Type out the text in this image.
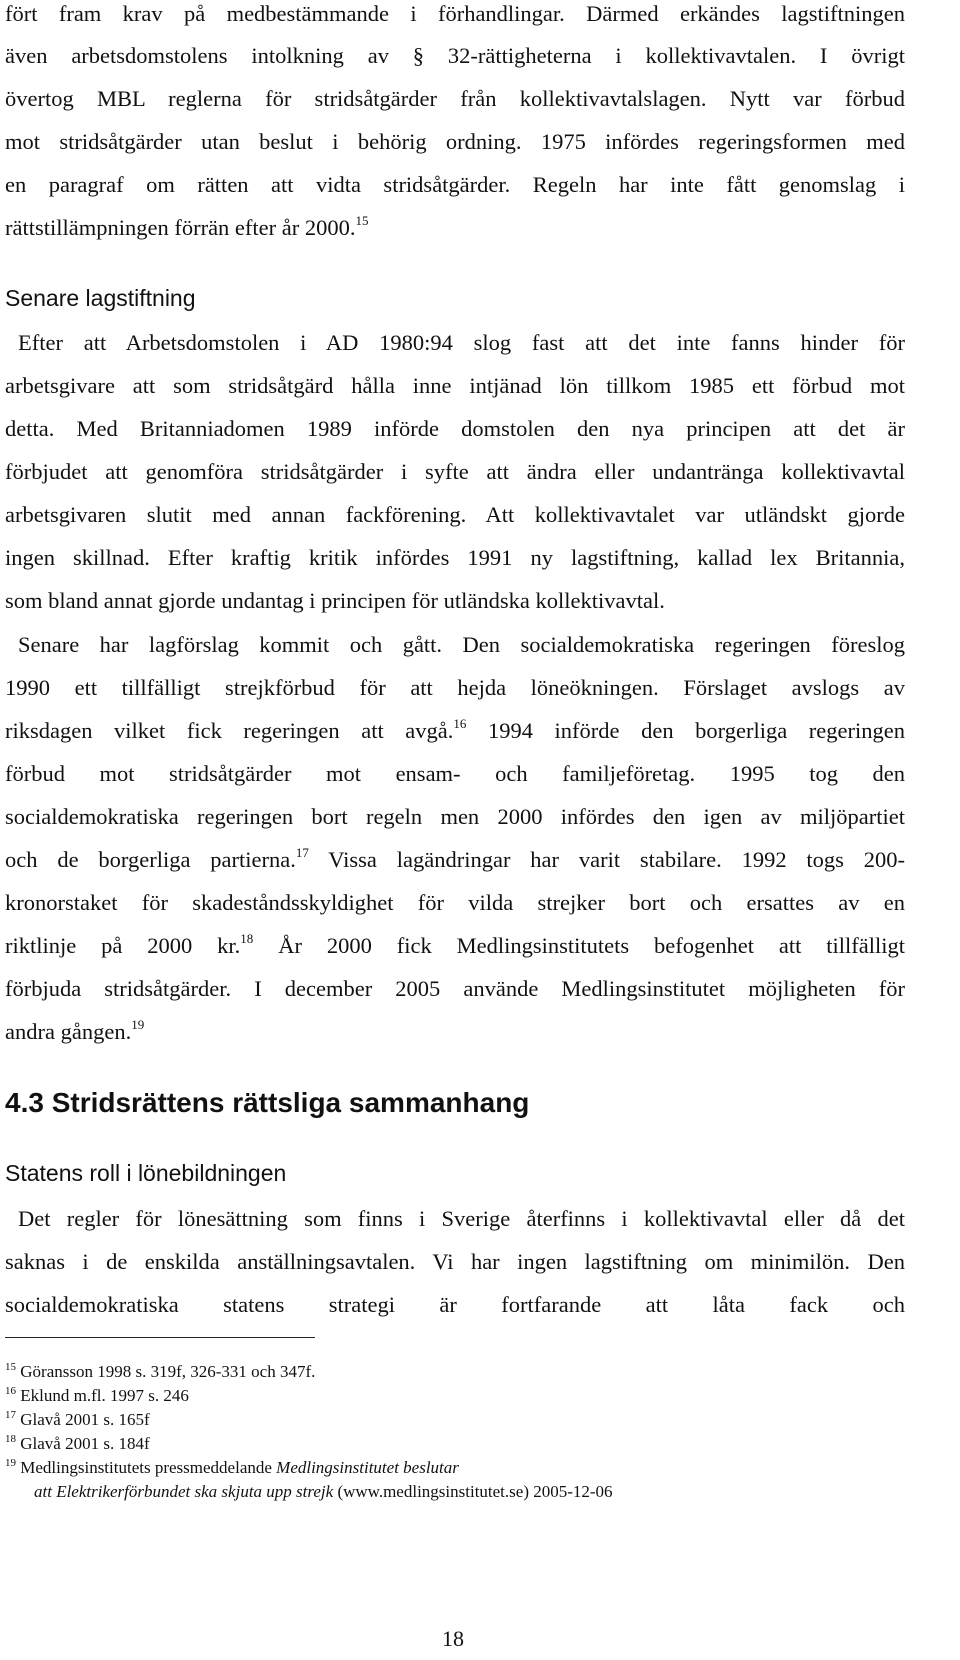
fört fram krav på medbestämmande i förhandlingar. Därmed erkändes lagstiftningen
även arbetsdomstolens intolkning av § 32-rättigheterna i kollektivavtalen. I övrigt
övertog MBL reglerna för stridsåtgärder från kollektivavtalslagen. Nytt var förbud
mot stridsåtgärder utan beslut i behörig ordning. 1975 infördes regeringsformen med
en paragraf om rätten att vidta stridsåtgärder. Regeln har inte fått genomslag i
rättstillämpningen förrän efter år 2000.15
Senare lagstiftning
Efter att Arbetsdomstolen i AD 1980:94 slog fast att det inte fanns hinder för
arbetsgivare att som stridsåtgärd hålla inne intjänad lön tillkom 1985 ett förbud mot
detta. Med Britanniadomen 1989 införde domstolen den nya principen att det är
förbjudet att genomföra stridsåtgärder i syfte att ändra eller undantränga kollektivavtal
arbetsgivaren slutit med annan fackförening. Att kollektivavtalet var utländskt gjorde
ingen skillnad. Efter kraftig kritik infördes 1991 ny lagstiftning, kallad lex Britannia,
som bland annat gjorde undantag i principen för utländska kollektivavtal.
Senare har lagförslag kommit och gått. Den socialdemokratiska regeringen föreslog
1990 ett tillfälligt strejkförbud för att hejda löneökningen. Förslaget avslogs av
riksdagen vilket fick regeringen att avgå.$^{16}$ 1994 införde den borgerliga regeringen
förbud mot stridsåtgärder mot ensam- och familjeföretag. 1995 tog den
socialdemokratiska regeringen bort regeln men 2000 infördes den igen av miljöpartiet
och de borgerliga partierna.$^{17}$ Vissa lagändringar har varit stabilare. 1992 togs 200-
kronorstaket för skadeståndsskyldighet för vilda strejker bort och ersattes av en
riktlinje på 2000 kr.$^{18}$ År 2000 fick Medlingsinstitutets befogenhet att tillfälligt
förbjuda stridsåtgärder. I december 2005 använde Medlingsinstitutet möjligheten för
andra gången.$^{19}$
4.3 Stridsrättens rättsliga sammanhang
Statens roll i lönebildningen
Det regler för lönesättning som finns i Sverige återfinns i kollektivavtal eller då det
saknas i de enskilda anställningsavtalen. Vi har ingen lagstiftning om minimilön. Den
socialdemokratiska statens strategi är fortfarande att låta fack och
$^{15}$ Göransson 1998 s. 319f, 326-331 och 347f.
$^{16}$ Eklund m.fl. 1997 s. 246
$^{17}$ Glavå 2001 s. 165f
$^{18}$ Glavå 2001 s. 184f
$^{19}$ Medlingsinstitutets pressmeddelande Medlingsinstitutet beslutar
att Elektrikerförbundet ska skjuta upp strejk (www.medlingsinstitutet.se) 2005-12-06
18
